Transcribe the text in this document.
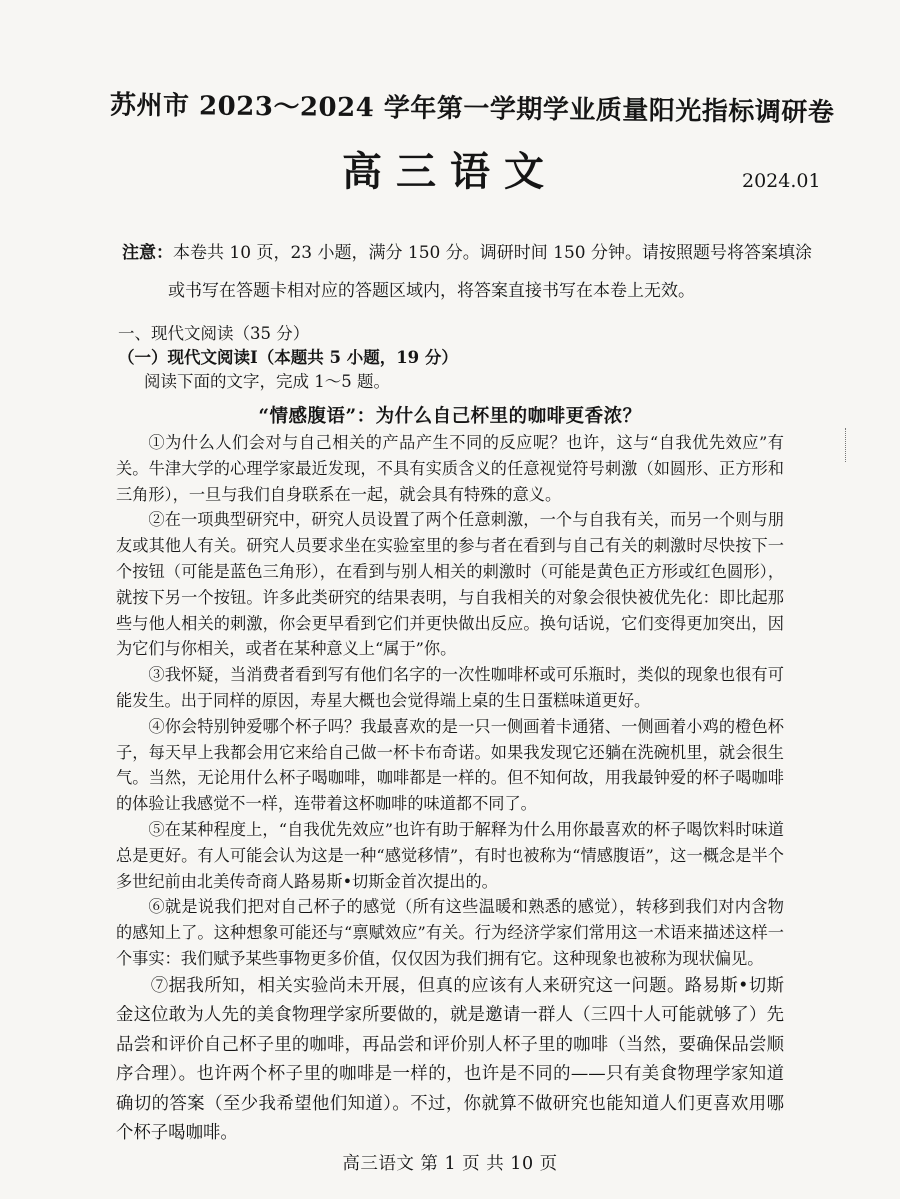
苏州市 2023～2024 学年第一学期学业质量阳光指标调研卷
高三语文	2024.01
注意：本卷共 10 页，23 小题，满分 150 分。调研时间 150 分钟。请按照题号将答案填涂
或书写在答题卡相对应的答题区域内，将答案直接书写在本卷上无效。
一、现代文阅读（35 分）
（一）现代文阅读Ⅰ（本题共 5 小题，19 分）
阅读下面的文字，完成 1～5 题。
“情感腹语”：为什么自己杯里的咖啡更香浓？

①为什么人们会对与自己相关的产品产生不同的反应呢？也许，这与“自我优先效应”有关。牛津大学的心理学家最近发现，不具有实质含义的任意视觉符号刺激（如圆形、正方形和三角形），一旦与我们自身联系在一起，就会具有特殊的意义。

②在一项典型研究中，研究人员设置了两个任意刺激，一个与自我有关，而另一个则与朋友或其他人有关。研究人员要求坐在实验室里的参与者在看到与自己有关的刺激时尽快按下一个按钮（可能是蓝色三角形），在看到与别人相关的刺激时（可能是黄色正方形或红色圆形），就按下另一个按钮。许多此类研究的结果表明，与自我相关的对象会很快被优先化：即比起那些与他人相关的刺激，你会更早看到它们并更快做出反应。换句话说，它们变得更加突出，因为它们与你相关，或者在某种意义上“属于”你。

③我怀疑，当消费者看到写有他们名字的一次性咖啡杯或可乐瓶时，类似的现象也很有可能发生。出于同样的原因，寿星大概也会觉得端上桌的生日蛋糕味道更好。

④你会特别钟爱哪个杯子吗？我最喜欢的是一只一侧画着卡通猪、一侧画着小鸡的橙色杯子，每天早上我都会用它来给自己做一杯卡布奇诺。如果我发现它还躺在洗碗机里，就会很生气。当然，无论用什么杯子喝咖啡，咖啡都是一样的。但不知何故，用我最钟爱的杯子喝咖啡的体验让我感觉不一样，连带着这杯咖啡的味道都不同了。

⑤在某种程度上，“自我优先效应”也许有助于解释为什么用你最喜欢的杯子喝饮料时味道总是更好。有人可能会认为这是一种“感觉移情”，有时也被称为“情感腹语”，这一概念是半个多世纪前由北美传奇商人路易斯•切斯金首次提出的。

⑥就是说我们把对自己杯子的感觉（所有这些温暖和熟悉的感觉），转移到我们对内含物的感知上了。这种想象可能还与“禀赋效应”有关。行为经济学家们常用这一术语来描述这样一个事实：我们赋予某些事物更多价值，仅仅因为我们拥有它。这种现象也被称为现状偏见。

⑦据我所知，相关实验尚未开展，但真的应该有人来研究这一问题。路易斯•切斯金这位敢为人先的美食物理学家所要做的，就是邀请一群人（三四十人可能就够了）先品尝和评价自己杯子里的咖啡，再品尝和评价别人杯子里的咖啡（当然，要确保品尝顺序合理）。也许两个杯子里的咖啡是一样的，也许是不同的——只有美食物理学家知道确切的答案（至少我希望他们知道）。不过，你就算不做研究也能知道人们更喜欢用哪个杯子喝咖啡。

高三语文 第 1 页 共 10 页
